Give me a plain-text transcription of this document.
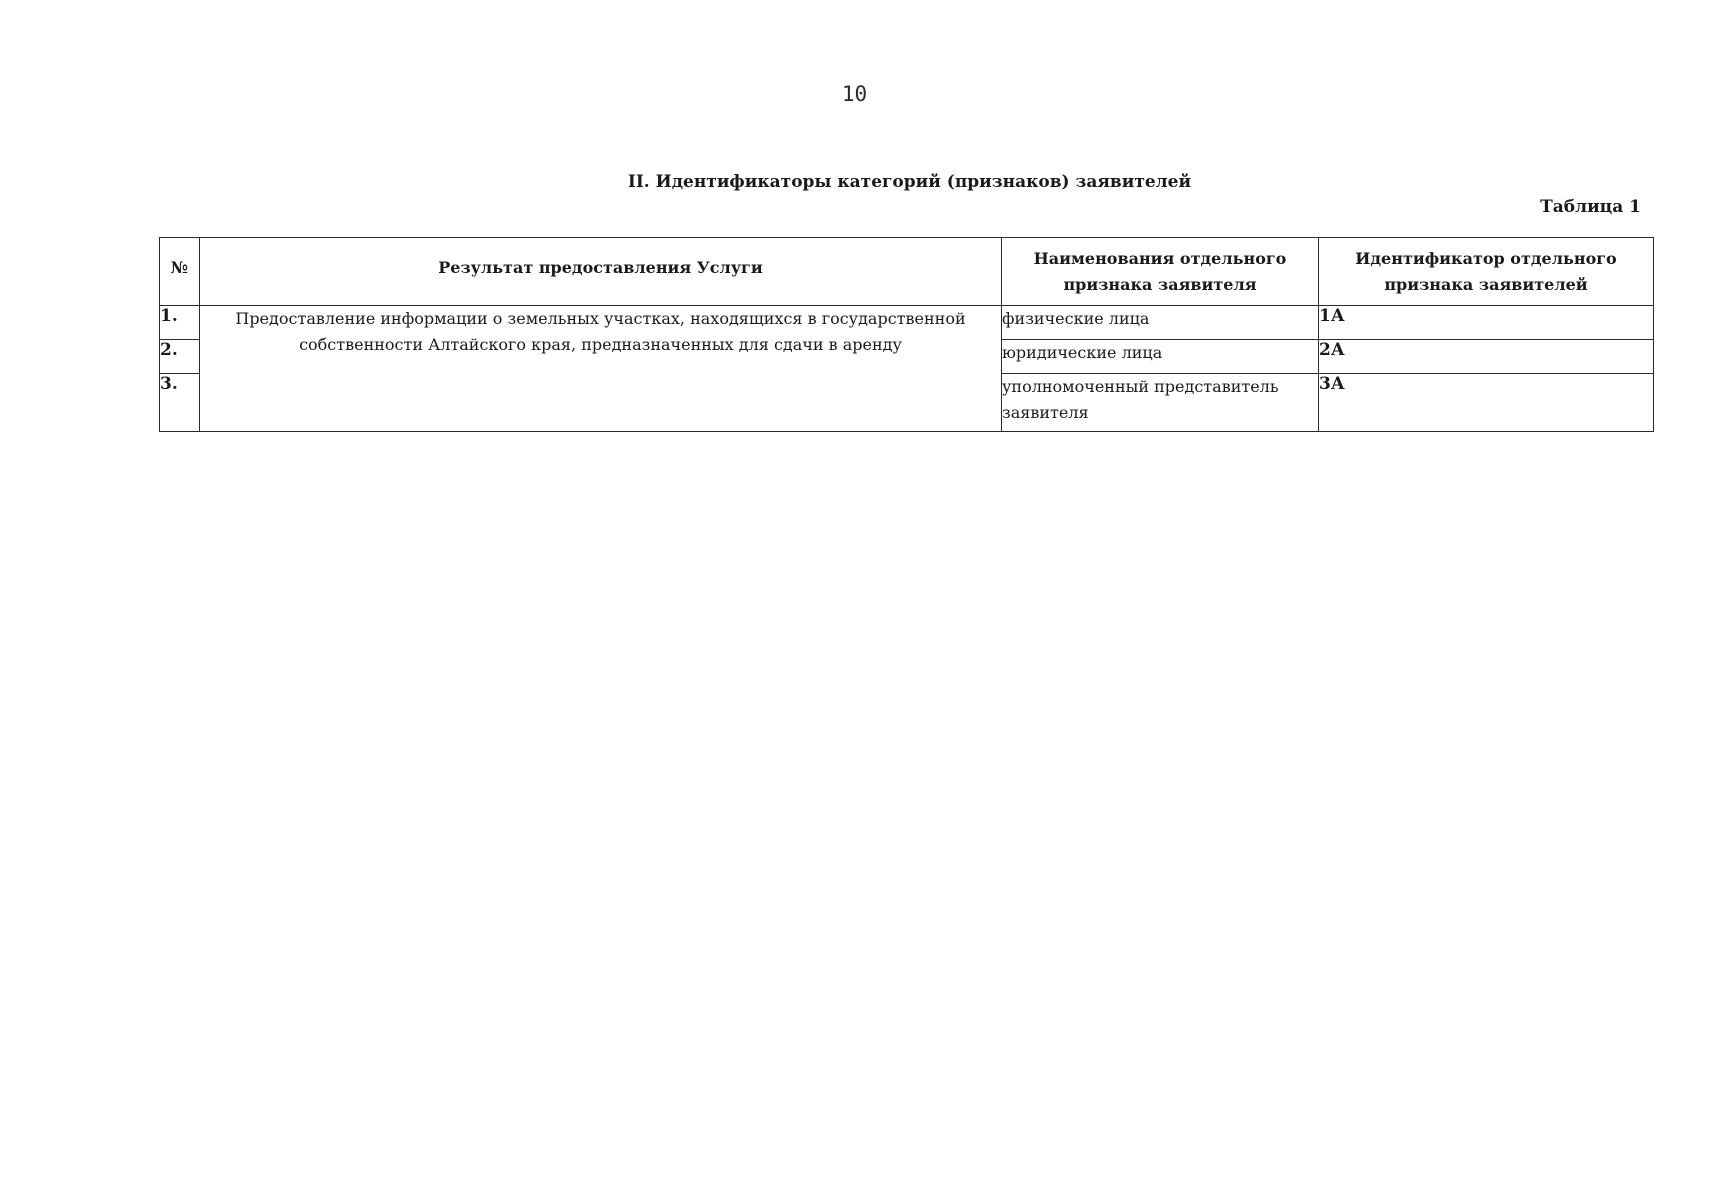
10
II. Идентификаторы категорий (признаков) заявителей
Таблица 1
№	Результат предоставления Услуги	Наименования отдельного признака заявителя	Идентификатор отдельного признака заявителей

1.	Предоставление информации о земельных участках, находящихся в государственной собственности Алтайского края, предназначенных для сдачи в аренду	физические лица	1А
2.		юридические лица	2А
3.		уполномоченный представитель заявителя	3А
